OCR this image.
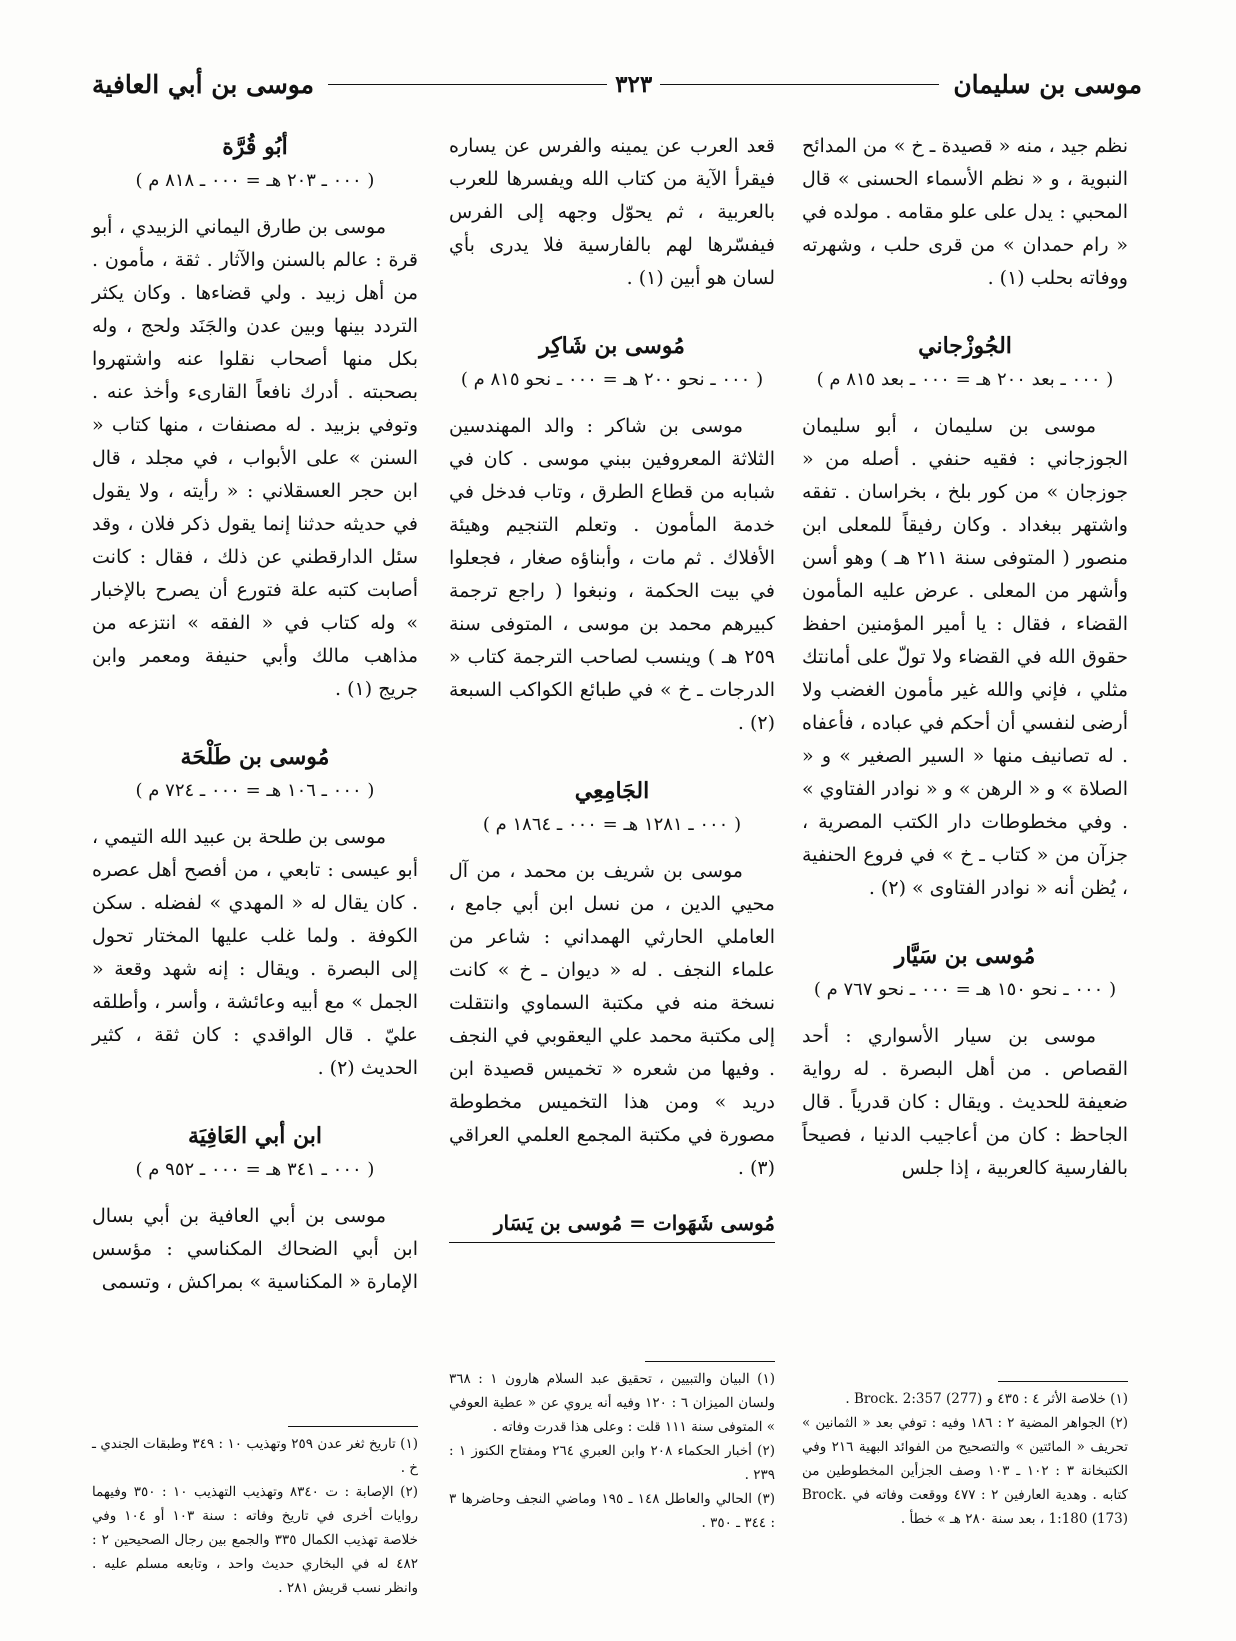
موسى بن سليمان
٣٢٣
موسى بن أبي العافية

نظم جيد ، منه « قصيدة ـ خ » من المدائح النبوية ، و « نظم الأسماء الحسنى » قال المحبي : يدل على علو مقامه . مولده في « رام حمدان » من قرى حلب ، وشهرته ووفاته بحلب (١) .

الجُوزْجاني

( ٠٠٠ ـ بعد ٢٠٠ هـ = ٠٠٠ ـ بعد ٨١٥ م )

موسى بن سليمان ، أبو سليمان الجوزجاني : فقيه حنفي . أصله من « جوزجان » من كور بلخ ، بخراسان . تفقه واشتهر ببغداد . وكان رفيقاً للمعلى ابن منصور ( المتوفى سنة ٢١١ هـ ) وهو أسن وأشهر من المعلى . عرض عليه المأمون القضاء ، فقال : يا أمير المؤمنين احفظ حقوق الله في القضاء ولا تولّ على أمانتك مثلي ، فإني والله غير مأمون الغضب ولا أرضى لنفسي أن أحكم في عباده ، فأعفاه . له تصانيف منها « السير الصغير » و « الصلاة » و « الرهن » و « نوادر الفتاوي » . وفي مخطوطات دار الكتب المصرية ، جزآن من « كتاب ـ خ » في فروع الحنفية ، يُظن أنه « نوادر الفتاوى » (٢) .

مُوسى بن سَيَّار

( ٠٠٠ ـ نحو ١٥٠ هـ = ٠٠٠ ـ نحو ٧٦٧ م )

موسى بن سيار الأسواري : أحد القصاص . من أهل البصرة . له رواية ضعيفة للحديث . ويقال : كان قدرياً . قال الجاحظ : كان من أعاجيب الدنيا ، فصيحاً بالفارسية كالعربية ، إذا جلس

قعد العرب عن يمينه والفرس عن يساره فيقرأ الآية من كتاب الله ويفسرها للعرب بالعربية ، ثم يحوّل وجهه إلى الفرس فيفسّرها لهم بالفارسية فلا يدرى بأي لسان هو أبين (١) .

مُوسى بن شَاكِر

( ٠٠٠ ـ نحو ٢٠٠ هـ = ٠٠٠ ـ نحو ٨١٥ م )

موسى بن شاكر : والد المهندسين الثلاثة المعروفين ببني موسى . كان في شبابه من قطاع الطرق ، وتاب فدخل في خدمة المأمون . وتعلم التنجيم وهيئة الأفلاك . ثم مات ، وأبناؤه صغار ، فجعلوا في بيت الحكمة ، ونبغوا ( راجع ترجمة كبيرهم محمد بن موسى ، المتوفى سنة ٢٥٩ هـ ) وينسب لصاحب الترجمة كتاب « الدرجات ـ خ » في طبائع الكواكب السبعة (٢) .

الجَامِعِي

( ٠٠٠ ـ ١٢٨١ هـ = ٠٠٠ ـ ١٨٦٤ م )

موسى بن شريف بن محمد ، من آل محيي الدين ، من نسل ابن أبي جامع ، العاملي الحارثي الهمداني : شاعر من علماء النجف . له « ديوان ـ خ » كانت نسخة منه في مكتبة السماوي وانتقلت إلى مكتبة محمد علي اليعقوبي في النجف . وفيها من شعره « تخميس قصيدة ابن دريد » ومن هذا التخميس مخطوطة مصورة في مكتبة المجمع العلمي العراقي (٣) .

مُوسى شَهَوات = مُوسى بن يَسَار

أبُو قُرَّة

( ٠٠٠ ـ ٢٠٣ هـ = ٠٠٠ ـ ٨١٨ م )

موسى بن طارق اليماني الزبيدي ، أبو قرة : عالم بالسنن والآثار . ثقة ، مأمون . من أهل زبيد . ولي قضاءها . وكان يكثر التردد بينها وبين عدن والجَنَد ولحج ، وله بكل منها أصحاب نقلوا عنه واشتهروا بصحبته . أدرك نافعاً القارىء وأخذ عنه . وتوفي بزبيد . له مصنفات ، منها كتاب « السنن » على الأبواب ، في مجلد ، قال ابن حجر العسقلاني : « رأيته ، ولا يقول في حديثه حدثنا إنما يقول ذكر فلان ، وقد سئل الدارقطني عن ذلك ، فقال : كانت أصابت كتبه علة فتورع أن يصرح بالإخبار » وله كتاب في « الفقه » انتزعه من مذاهب مالك وأبي حنيفة ومعمر وابن جريج (١) .

مُوسى بن طَلْحَة

( ٠٠٠ ـ ١٠٦ هـ = ٠٠٠ ـ ٧٢٤ م )

موسى بن طلحة بن عبيد الله التيمي ، أبو عيسى : تابعي ، من أفصح أهل عصره . كان يقال له « المهدي » لفضله . سكن الكوفة . ولما غلب عليها المختار تحول إلى البصرة . ويقال : إنه شهد وقعة « الجمل » مع أبيه وعائشة ، وأسر ، وأطلقه عليّ . قال الواقدي : كان ثقة ، كثير الحديث (٢) .

ابن أبي العَافِيَة

( ٠٠٠ ـ ٣٤١ هـ = ٠٠٠ ـ ٩٥٢ م )

موسى بن أبي العافية بن أبي بسال ابن أبي الضحاك المكناسي : مؤسس الإمارة « المكناسية » بمراكش ، وتسمى

(١) خلاصة الأثر ٤ : ٤٣٥ و Brock. 2:357 (277) .

(٢) الجواهر المضية ٢ : ١٨٦ وفيه : توفي بعد « الثمانين » تحريف « المائتين » والتصحيح من الفوائد البهية ٢١٦ وفي الكتبخانة ٣ : ١٠٢ ـ ١٠٣ وصف الجزأين المخطوطين من كتابه . وهدية العارفين ٢ : ٤٧٧ ووقعت وفاته في Brock. 1:180 (173) ، بعد سنة ٢٨٠ هـ » خطأ .

(١) البيان والتبيين ، تحقيق عبد السلام هارون ١ : ٣٦٨ ولسان الميزان ٦ : ١٢٠ وفيه أنه يروي عن « عطية العوفي » المتوفى سنة ١١١ قلت : وعلى هذا قدرت وفاته .

(٢) أخبار الحكماء ٢٠٨ وابن العبري ٢٦٤ ومفتاح الكنوز ١ : ٢٣٩ .

(٣) الحالي والعاطل ١٤٨ ـ ١٩٥ وماضي النجف وحاضرها ٣ : ٣٤٤ ـ ٣٥٠ .

(١) تاريخ ثغر عدن ٢٥٩ وتهذيب ١٠ : ٣٤٩ وطبقات الجندي ـ خ .

(٢) الإصابة : ت ٨٣٤٠ وتهذيب التهذيب ١٠ : ٣٥٠ وفيهما روايات أخرى في تاريخ وفاته : سنة ١٠٣ أو ١٠٤ وفي خلاصة تهذيب الكمال ٣٣٥ والجمع بين رجال الصحيحين ٢ : ٤٨٢ له في البخاري حديث واحد ، وتابعه مسلم عليه . وانظر نسب قريش ٢٨١ .
